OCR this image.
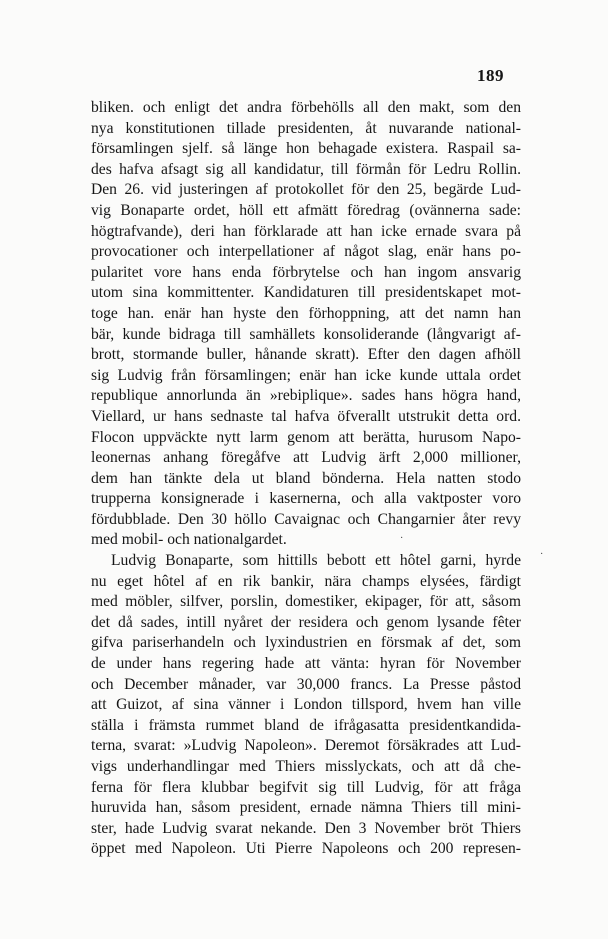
189
bliken. och enligt det andra förbehölls all den makt, som den
nya konstitutionen tillade presidenten, åt nuvarande national-
församlingen sjelf. så länge hon behagade existera. Raspail sa-
des hafva afsagt sig all kandidatur, till förmån för Ledru Rollin.
Den 26. vid justeringen af protokollet för den 25, begärde Lud-
vig Bonaparte ordet, höll ett afmätt föredrag (ovännerna sade:
högtrafvande), deri han förklarade att han icke ernade svara på
provocationer och interpellationer af något slag, enär hans po-
pularitet vore hans enda förbrytelse och han ingom ansvarig
utom sina kommittenter. Kandidaturen till presidentskapet mot-
toge han. enär han hyste den förhoppning, att det namn han
bär, kunde bidraga till samhällets konsoliderande (långvarigt af-
brott, stormande buller, hånande skratt). Efter den dagen afhöll
sig Ludvig från församlingen; enär han icke kunde uttala ordet
republique annorlunda än »rebiplique». sades hans högra hand,
Viellard, ur hans sednaste tal hafva öfverallt utstrukit detta ord.
Flocon uppväckte nytt larm genom att berätta, hurusom Napo-
leonernas anhang föregåfve att Ludvig ärft 2,000 millioner,
dem han tänkte dela ut bland bönderna. Hela natten stodo
trupperna konsignerade i kasernerna, och alla vaktposter voro
fördubblade. Den 30 höllo Cavaignac och Changarnier åter revy
med mobil- och nationalgardet.
Ludvig Bonaparte, som hittills bebott ett hôtel garni, hyrde
nu eget hôtel af en rik bankir, nära champs elysées, färdigt
med möbler, silfver, porslin, domestiker, ekipager, för att, såsom
det då sades, intill nyåret der residera och genom lysande fêter
gifva pariserhandeln och lyxindustrien en försmak af det, som
de under hans regering hade att vänta: hyran för November
och December månader, var 30,000 francs. La Presse påstod
att Guizot, af sina vänner i London tillspord, hvem han ville
ställa i främsta rummet bland de ifrågasatta presidentkandida-
terna, svarat: »Ludvig Napoleon». Deremot försäkrades att Lud-
vigs underhandlingar med Thiers misslyckats, och att då che-
ferna för flera klubbar begifvit sig till Ludvig, för att fråga
huruvida han, såsom president, ernade nämna Thiers till mini-
ster, hade Ludvig svarat nekande. Den 3 November bröt Thiers
öppet med Napoleon. Uti Pierre Napoleons och 200 represen-
·
·
